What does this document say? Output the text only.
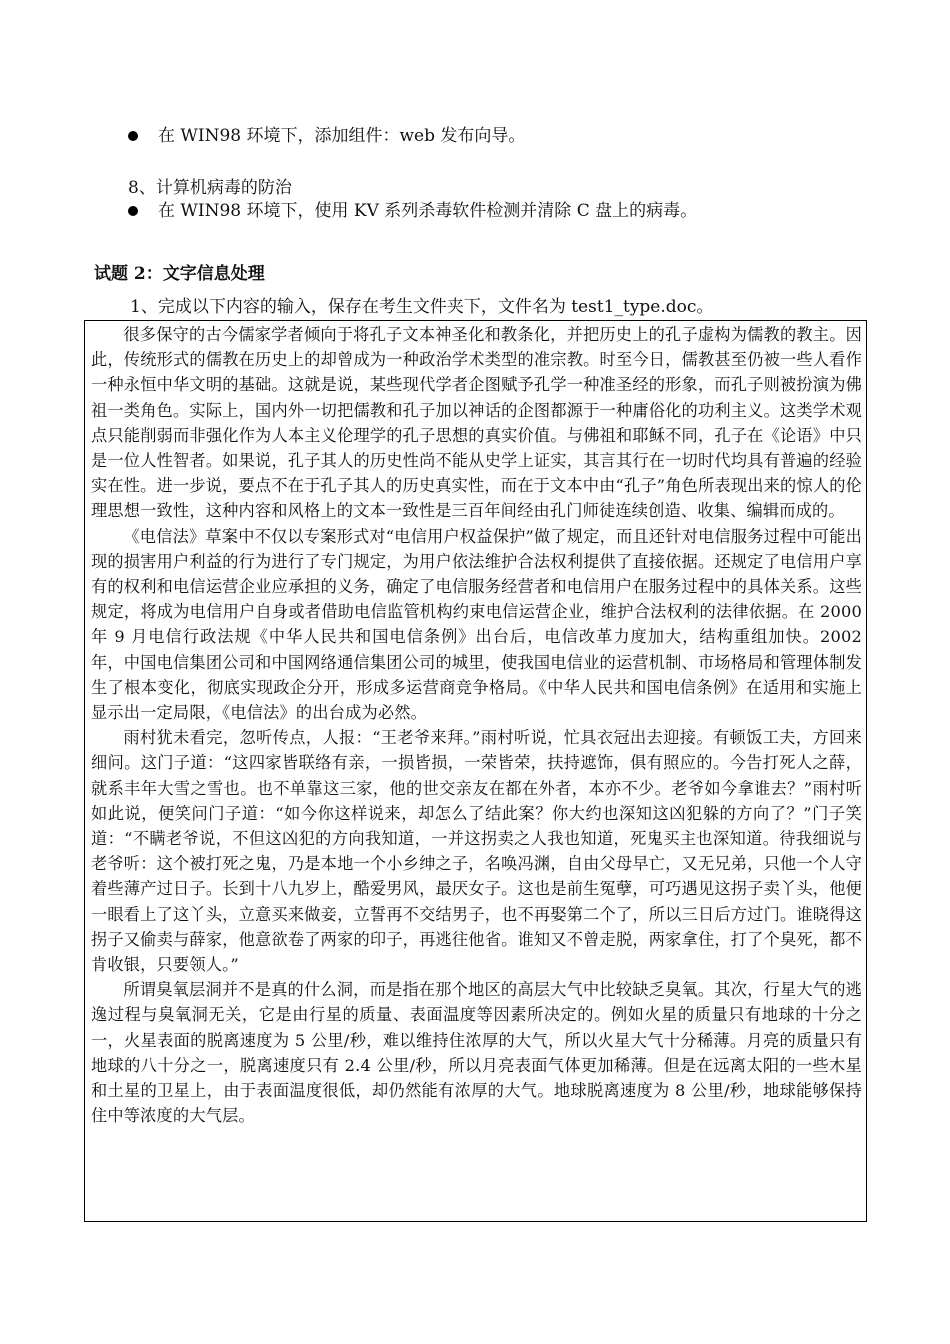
在 WIN98 环境下，添加组件：web 发布向导。
8、计算机病毒的防治
在 WIN98 环境下，使用 KV 系列杀毒软件检测并清除 C 盘上的病毒。
试题 2：文字信息处理
1、完成以下内容的输入，保存在考生文件夹下，文件名为 test1_type.doc。

很多保守的古今儒家学者倾向于将孔子文本神圣化和教条化，并把历史上的孔子虚构为儒教的教主。因此，传统形式的儒教在历史上的却曾成为一种政治学术类型的准宗教。时至今日，儒教甚至仍被一些人看作一种永恒中华文明的基础。这就是说，某些现代学者企图赋予孔学一种准圣经的形象，而孔子则被扮演为佛祖一类角色。实际上，国内外一切把儒教和孔子加以神话的企图都源于一种庸俗化的功利主义。这类学术观点只能削弱而非强化作为人本主义伦理学的孔子思想的真实价值。与佛祖和耶稣不同，孔子在《论语》中只是一位人性智者。如果说，孔子其人的历史性尚不能从史学上证实，其言其行在一切时代均具有普遍的经验实在性。进一步说，要点不在于孔子其人的历史真实性，而在于文本中由“孔子”角色所表现出来的惊人的伦理思想一致性，这种内容和风格上的文本一致性是三百年间经由孔门师徒连续创造、收集、编辑而成的。

《电信法》草案中不仅以专案形式对“电信用户权益保护”做了规定，而且还针对电信服务过程中可能出现的损害用户利益的行为进行了专门规定，为用户依法维护合法权利提供了直接依据。还规定了电信用户享有的权利和电信运营企业应承担的义务，确定了电信服务经营者和电信用户在服务过程中的具体关系。这些规定，将成为电信用户自身或者借助电信监管机构约束电信运营企业，维护合法权利的法律依据。在 2000 年 9 月电信行政法规《中华人民共和国电信条例》出台后，电信改革力度加大，结构重组加快。2002 年，中国电信集团公司和中国网络通信集团公司的城里，使我国电信业的运营机制、市场格局和管理体制发生了根本变化，彻底实现政企分开，形成多运营商竞争格局。《中华人民共和国电信条例》在适用和实施上显示出一定局限，《电信法》的出台成为必然。

雨村犹未看完，忽听传点，人报：“王老爷来拜。”雨村听说，忙具衣冠出去迎接。有顿饭工夫，方回来细问。这门子道：“这四家皆联络有亲，一损皆损，一荣皆荣，扶持遮饰，俱有照应的。今告打死人之薛，就系丰年大雪之雪也。也不单靠这三家，他的世交亲友在都在外者，本亦不少。老爷如今拿谁去？”雨村听如此说，便笑问门子道：“如今你这样说来，却怎么了结此案？你大约也深知这凶犯躲的方向了？”门子笑道：“不瞒老爷说，不但这凶犯的方向我知道，一并这拐卖之人我也知道，死鬼买主也深知道。待我细说与老爷听：这个被打死之鬼，乃是本地一个小乡绅之子，名唤冯渊，自由父母早亡，又无兄弟，只他一个人守着些薄产过日子。长到十八九岁上，酷爱男风，最厌女子。这也是前生冤孽，可巧遇见这拐子卖丫头，他便一眼看上了这丫头，立意买来做妾，立誓再不交结男子，也不再娶第二个了，所以三日后方过门。谁晓得这拐子又偷卖与薛家，他意欲卷了两家的印子，再逃往他省。谁知又不曾走脱，两家拿住，打了个臭死，都不肯收银，只要领人。”

所谓臭氧层洞并不是真的什么洞，而是指在那个地区的高层大气中比较缺乏臭氧。其次，行星大气的逃逸过程与臭氧洞无关，它是由行星的质量、表面温度等因素所决定的。例如火星的质量只有地球的十分之一，火星表面的脱离速度为 5 公里/秒，难以维持住浓厚的大气，所以火星大气十分稀薄。月亮的质量只有地球的八十分之一，脱离速度只有 2.4 公里/秒，所以月亮表面气体更加稀薄。但是在远离太阳的一些木星和土星的卫星上，由于表面温度很低，却仍然能有浓厚的大气。地球脱离速度为 8 公里/秒，地球能够保持住中等浓度的大气层。
